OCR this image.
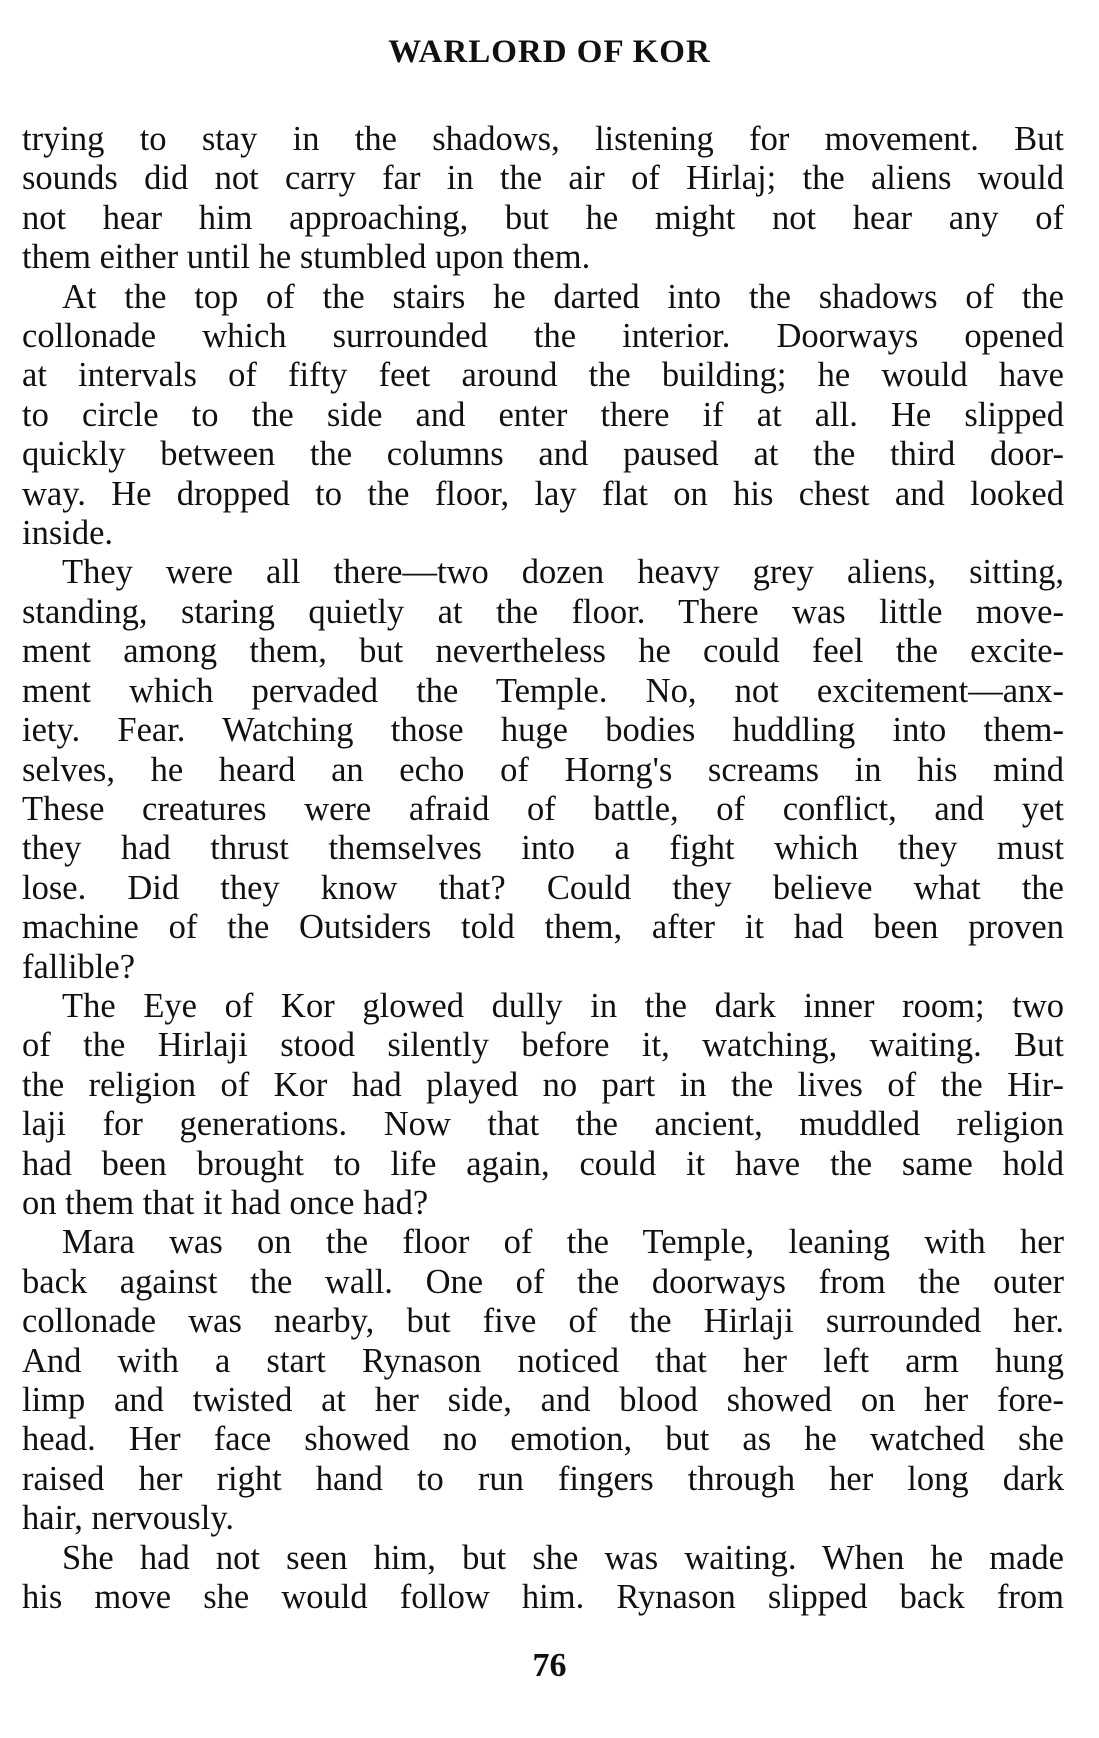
WARLORD OF KOR
trying to stay in the shadows, listening for movement. But
sounds did not carry far in the air of Hirlaj; the aliens would
not hear him approaching, but he might not hear any of
them either until he stumbled upon them.
At the top of the stairs he darted into the shadows of the
collonade which surrounded the interior. Doorways opened
at intervals of fifty feet around the building; he would have
to circle to the side and enter there if at all. He slipped
quickly between the columns and paused at the third door-
way. He dropped to the floor, lay flat on his chest and looked
inside.
They were all there—two dozen heavy grey aliens, sitting,
standing, staring quietly at the floor. There was little move-
ment among them, but nevertheless he could feel the excite-
ment which pervaded the Temple. No, not excitement—anx-
iety. Fear. Watching those huge bodies huddling into them-
selves, he heard an echo of Horng's screams in his mind
These creatures were afraid of battle, of conflict, and yet
they had thrust themselves into a fight which they must
lose. Did they know that? Could they believe what the
machine of the Outsiders told them, after it had been proven
fallible?
The Eye of Kor glowed dully in the dark inner room; two
of the Hirlaji stood silently before it, watching, waiting. But
the religion of Kor had played no part in the lives of the Hir-
laji for generations. Now that the ancient, muddled religion
had been brought to life again, could it have the same hold
on them that it had once had?
Mara was on the floor of the Temple, leaning with her
back against the wall. One of the doorways from the outer
collonade was nearby, but five of the Hirlaji surrounded her.
And with a start Rynason noticed that her left arm hung
limp and twisted at her side, and blood showed on her fore-
head. Her face showed no emotion, but as he watched she
raised her right hand to run fingers through her long dark
hair, nervously.
She had not seen him, but she was waiting. When he made
his move she would follow him. Rynason slipped back from
76
